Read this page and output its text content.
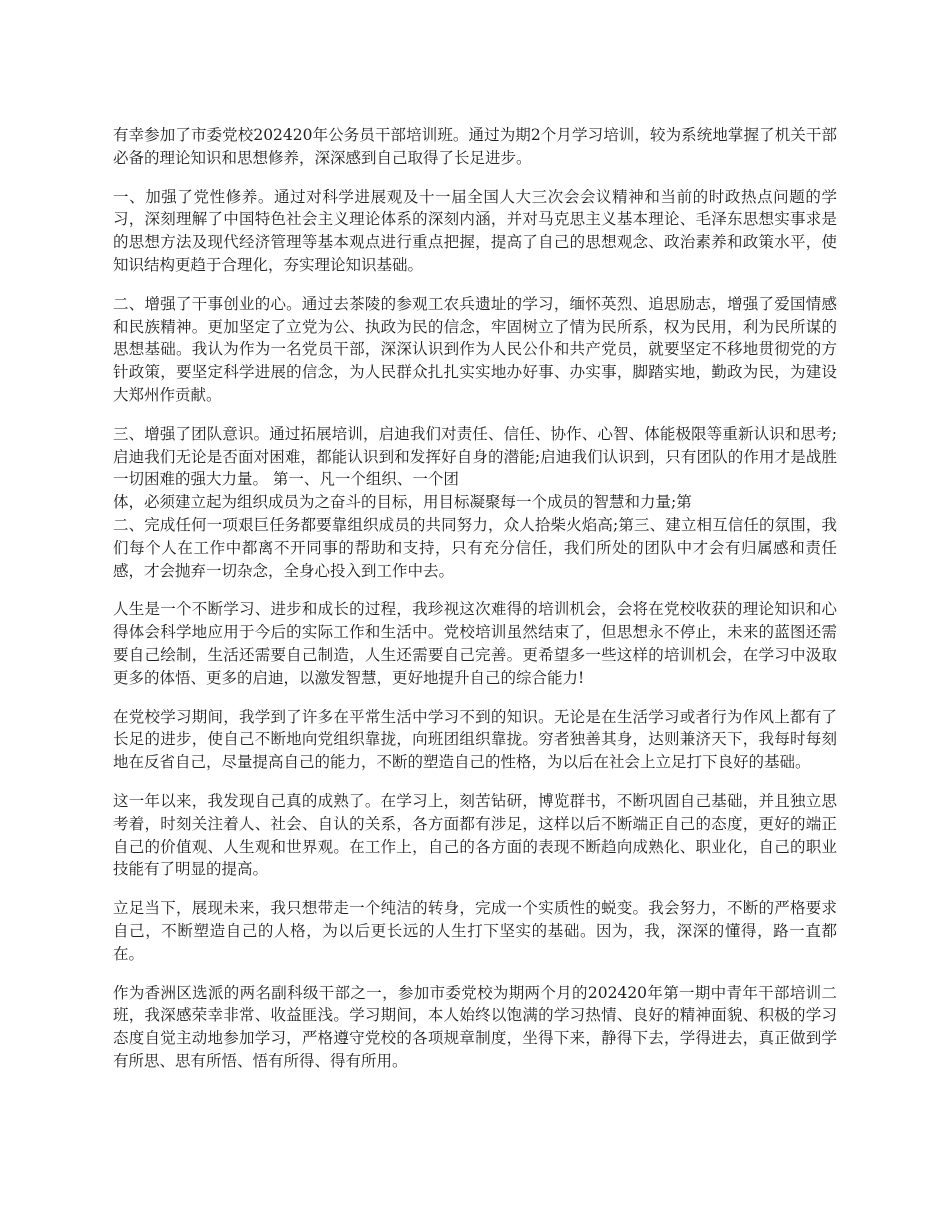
有幸参加了市委党校202420年公务员干部培训班。通过为期2个月学习培训，较为系统地掌握了机关干部必备的理论知识和思想修养，深深感到自己取得了长足进步。

一、加强了党性修养。通过对科学进展观及十一届全国人大三次会会议精神和当前的时政热点问题的学习，深刻理解了中国特色社会主义理论体系的深刻内涵，并对马克思主义基本理论、毛泽东思想实事求是的思想方法及现代经济管理等基本观点进行重点把握，提高了自己的思想观念、政治素养和政策水平，使知识结构更趋于合理化，夯实理论知识基础。

二、增强了干事创业的心。通过去茶陵的参观工农兵遗址的学习，缅怀英烈、追思励志，增强了爱国情感和民族精神。更加坚定了立党为公、执政为民的信念，牢固树立了情为民所系，权为民用，利为民所谋的思想基础。我认为作为一名党员干部，深深认识到作为人民公仆和共产党员，就要坚定不移地贯彻党的方针政策，要坚定科学进展的信念，为人民群众扎扎实实地办好事、办实事，脚踏实地，勤政为民，为建设大郑州作贡献。

三、增强了团队意识。通过拓展培训，启迪我们对责任、信任、协作、心智、体能极限等重新认识和思考;启迪我们无论是否面对困难，都能认识到和发挥好自身的潜能;启迪我们认识到，只有团队的作用才是战胜一切困难的强大力量。 第一、凡一个组织、一个团
体，必须建立起为组织成员为之奋斗的目标，用目标凝聚每一个成员的智慧和力量;第
二、完成任何一项艰巨任务都要靠组织成员的共同努力，众人拾柴火焰高;第三、建立相互信任的氛围，我们每个人在工作中都离不开同事的帮助和支持，只有充分信任，我们所处的团队中才会有归属感和责任感，才会抛弃一切杂念，全身心投入到工作中去。

人生是一个不断学习、进步和成长的过程，我珍视这次难得的培训机会，会将在党校收获的理论知识和心得体会科学地应用于今后的实际工作和生活中。党校培训虽然结束了，但思想永不停止，未来的蓝图还需要自己绘制，生活还需要自己制造，人生还需要自己完善。更希望多一些这样的培训机会，在学习中汲取更多的体悟、更多的启迪，以激发智慧，更好地提升自己的综合能力!

在党校学习期间，我学到了许多在平常生活中学习不到的知识。无论是在生活学习或者行为作风上都有了长足的进步，使自己不断地向党组织靠拢，向班团组织靠拢。穷者独善其身，达则兼济天下，我每时每刻地在反省自己，尽量提高自己的能力，不断的塑造自己的性格，为以后在社会上立足打下良好的基础。

这一年以来，我发现自己真的成熟了。在学习上，刻苦钻研，博览群书，不断巩固自己基础，并且独立思考着，时刻关注着人、社会、自认的关系，各方面都有涉足，这样以后不断端正自己的态度，更好的端正自己的价值观、人生观和世界观。在工作上，自己的各方面的表现不断趋向成熟化、职业化，自己的职业技能有了明显的提高。

立足当下，展现未来，我只想带走一个纯洁的转身，完成一个实质性的蜕变。我会努力，不断的严格要求自己，不断塑造自己的人格，为以后更长远的人生打下坚实的基础。因为，我，深深的懂得，路一直都在。

作为香洲区选派的两名副科级干部之一，参加市委党校为期两个月的202420年第一期中青年干部培训二班，我深感荣幸非常、收益匪浅。学习期间，本人始终以饱满的学习热情、良好的精神面貌、积极的学习态度自觉主动地参加学习，严格遵守党校的各项规章制度，坐得下来，静得下去，学得进去，真正做到学有所思、思有所悟、悟有所得、得有所用。
